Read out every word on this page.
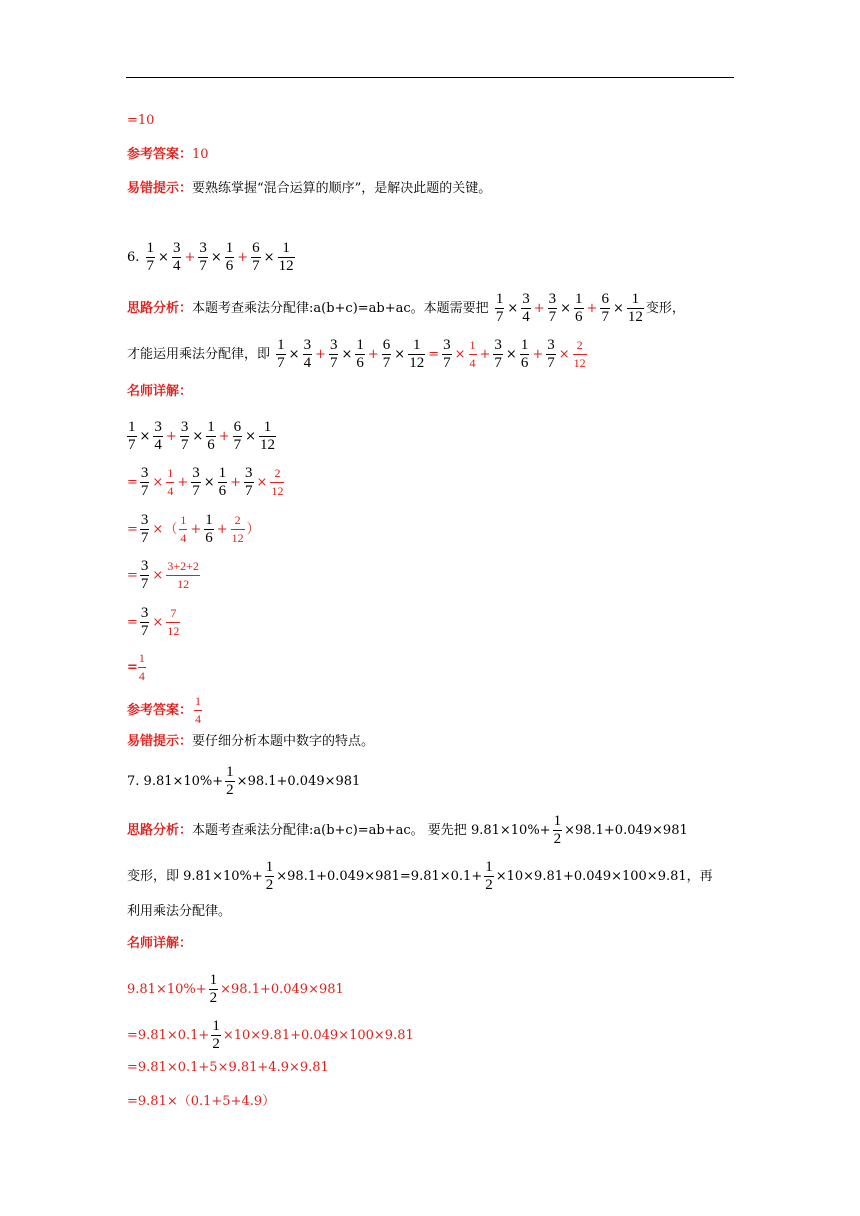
=10
参考答案：10
易错提示：要熟练掌握“混合运算的顺序”，是解决此题的关键。
6. $\frac{1}{7} \times \frac{3}{4} + \frac{3}{7} \times \frac{1}{6} + \frac{6}{7} \times \frac{1}{12}$
思路分析：本题考查乘法分配律:a(b+c)=ab+ac。本题需要把 $\frac{1}{7} \times \frac{3}{4} + \frac{3}{7} \times \frac{1}{6} + \frac{6}{7} \times \frac{1}{12}$ 变形，
才能运用乘法分配律，即 $\frac{1}{7} \times \frac{3}{4} + \frac{3}{7} \times \frac{1}{6} + \frac{6}{7} \times \frac{1}{12} = \frac{3}{7} \times \frac{1}{4} + \frac{3}{7} \times \frac{1}{6} + \frac{3}{7} \times \frac{2}{12}$
名师详解：
$\frac{1}{7} \times \frac{3}{4} + \frac{3}{7} \times \frac{1}{6} + \frac{6}{7} \times \frac{1}{12}$
= $\frac{3}{7} \times \frac{1}{4} + \frac{3}{7} \times \frac{1}{6} + \frac{3}{7} \times \frac{2}{12}$
= $\frac{3}{7}$ ×（ $\frac{1}{4} + \frac{1}{6} + \frac{2}{12}$ ）
= $\frac{3}{7} \times \frac{3+2+2}{12}$
= $\frac{3}{7} \times \frac{7}{12}$
= $\frac{1}{4}$
参考答案： $\frac{1}{4}$
易错提示：要仔细分析本题中数字的特点。
7. $9.81\times 10\%+ \frac{1}{2} \times 98.1+0.049\times 981$
思路分析：本题考查乘法分配律:a(b+c)=ab+ac。 要先把 $9.81\times 10\%+ \frac{1}{2} \times 98.1+0.049\times 981$
变形，即 $9.81\times 10\%+ \frac{1}{2} \times 98.1+0.049\times 981=9.81\times 0.1+ \frac{1}{2} \times 10\times 9.81+0.049\times 100\times 9.81$，再
利用乘法分配律。
名师详解：
$9.81\times 10\%+ \frac{1}{2} \times 98.1+0.049\times 981$
$=9.81\times 0.1+ \frac{1}{2} \times 10\times 9.81+0.049\times 100\times 9.81$
=9.81×0.1+5×9.81+4.9×9.81
=9.81×（0.1+5+4.9）
